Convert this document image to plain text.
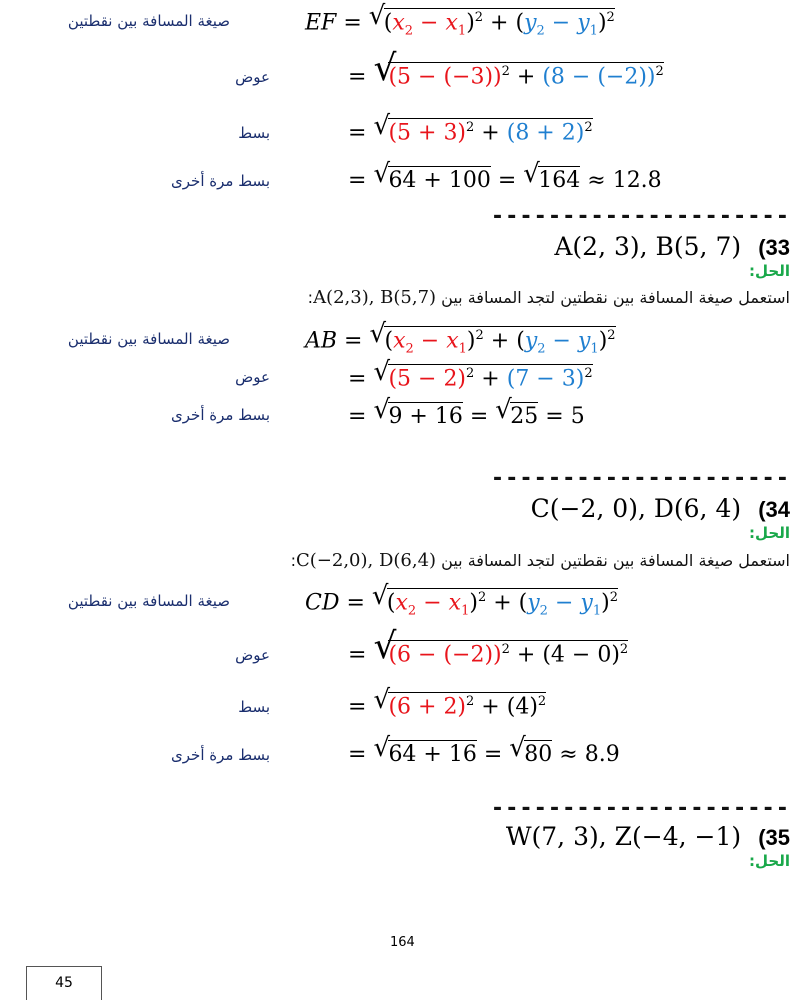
صيغة المسافة بين نقطتين	EF = √
$(x_2 - x_1)^2 + (y_2 - y_1)^2$
عوض	= √
$(5 - (-3))^2 + (8 - (-2))^2$
بسط	= √
$(5 + 3)^2 + (8 + 2)^2$
بسط مرة أخرى	= √
64 + 100 = √
164 ≈ 12.8
---------------------
A(2, 3), B(5, 7) (33
الحل:
استعمل صيغة المسافة بين نقطتين لتجد المسافة بين A(2,3), B(5,7):
صيغة المسافة بين نقطتين	AB = √
$(x_2 - x_1)^2 + (y_2 - y_1)^2$
عوض	= √
$(5 - 2)^2 + (7 - 3)^2$
بسط مرة أخرى	= √
9 + 16 = √
25 = 5
---------------------
C(−2, 0), D(6, 4) (34
الحل:
استعمل صيغة المسافة بين نقطتين لتجد المسافة بين C(−2,0), D(6,4):
صيغة المسافة بين نقطتين	CD = √
$(x_2 - x_1)^2 + (y_2 - y_1)^2$
عوض	= √
$(6 - (-2))^2 + (4 - 0)^2$
بسط	= √
$(6 + 2)^2 + (4)^2$
بسط مرة أخرى	= √
64 + 16 = √
80 ≈ 8.9
---------------------
W(7, 3), Z(−4, −1) (35
الحل:
164
45
